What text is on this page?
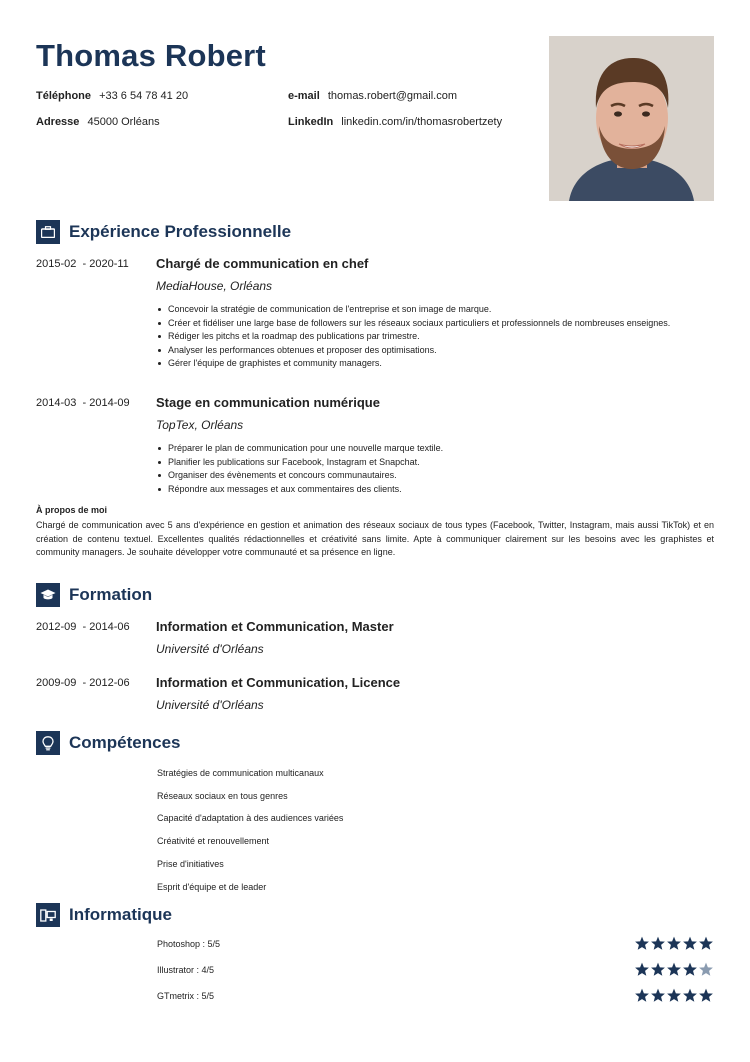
Thomas Robert
Téléphone +33 6 54 78 41 20	e-mail thomas.robert@gmail.com
Adresse 45000 Orléans	LinkedIn linkedin.com/in/thomasrobertzety
Expérience Professionnelle
2015-02  - 2020-11 Chargé de communication en chef
MediaHouse, Orléans
Concevoir la stratégie de communication de l'entreprise et son image de marque.
Créer et fidéliser une large base de followers sur les réseaux sociaux particuliers et professionnels de nombreuses enseignes.
Rédiger les pitchs et la roadmap des publications par trimestre.
Analyser les performances obtenues et proposer des optimisations.
Gérer l'équipe de graphistes et community managers.
2014-03  - 2014-09 Stage en communication numérique
TopTex, Orléans
Préparer le plan de communication pour une nouvelle marque textile.
Planifier les publications sur Facebook, Instagram et Snapchat.
Organiser des évènements et concours communautaires.
Répondre aux messages et aux commentaires des clients.
À propos de moi
Chargé de communication avec 5 ans d'expérience en gestion et animation des réseaux sociaux de tous types (Facebook, Twitter, Instagram, mais aussi TikTok) et en création de contenu textuel. Excellentes qualités rédactionnelles et créativité sans limite. Apte à communiquer clairement sur les besoins avec les graphistes et community managers. Je souhaite développer votre communauté et sa présence en ligne.
Formation
2012-09  - 2014-06 Information et Communication, Master
Université d'Orléans
2009-09  - 2012-06 Information et Communication, Licence
Université d'Orléans
Compétences
Stratégies de communication multicanaux
Réseaux sociaux en tous genres
Capacité d'adaptation à des audiences variées
Créativité et renouvellement
Prise d'initiatives
Esprit d'équipe et de leader
Informatique
Photoshop : 5/5
Illustrator : 4/5
GTmetrix : 5/5
